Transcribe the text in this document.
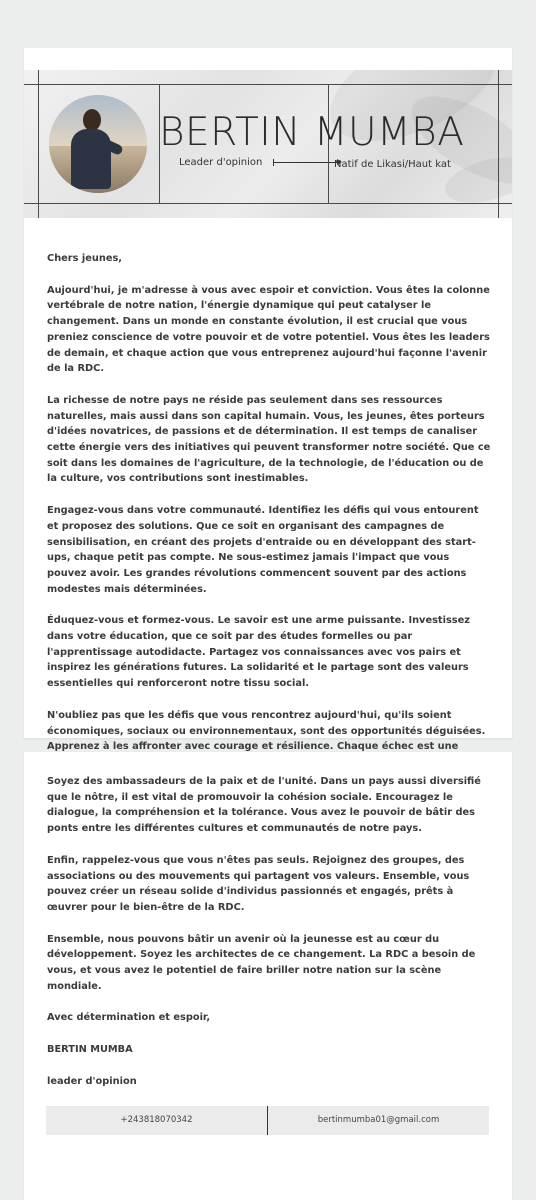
BERTIN MUMBA
Leader d'opinion	Natif de Likasi/Haut kat

Chers jeunes,

Aujourd'hui, je m'adresse à vous avec espoir et conviction. Vous êtes la colonne vertébrale de notre nation, l'énergie dynamique qui peut catalyser le changement. Dans un monde en constante évolution, il est crucial que vous preniez conscience de votre pouvoir et de votre potentiel. Vous êtes les leaders de demain, et chaque action que vous entreprenez aujourd'hui façonne l'avenir de la RDC.

La richesse de notre pays ne réside pas seulement dans ses ressources naturelles, mais aussi dans son capital humain. Vous, les jeunes, êtes porteurs d'idées novatrices, de passions et de détermination. Il est temps de canaliser cette énergie vers des initiatives qui peuvent transformer notre société. Que ce soit dans les domaines de l'agriculture, de la technologie, de l'éducation ou de la culture, vos contributions sont inestimables.

Engagez-vous dans votre communauté. Identifiez les défis qui vous entourent et proposez des solutions. Que ce soit en organisant des campagnes de sensibilisation, en créant des projets d'entraide ou en développant des start-ups, chaque petit pas compte. Ne sous-estimez jamais l'impact que vous pouvez avoir. Les grandes révolutions commencent souvent par des actions modestes mais déterminées.

Éduquez-vous et formez-vous. Le savoir est une arme puissante. Investissez dans votre éducation, que ce soit par des études formelles ou par l'apprentissage autodidacte. Partagez vos connaissances avec vos pairs et inspirez les générations futures. La solidarité et le partage sont des valeurs essentielles qui renforceront notre tissu social.

N'oubliez pas que les défis que vous rencontrez aujourd'hui, qu'ils soient économiques, sociaux ou environnementaux, sont des opportunités déguisées. Apprenez à les affronter avec courage et résilience. Chaque échec est une

Soyez des ambassadeurs de la paix et de l'unité. Dans un pays aussi diversifié que le nôtre, il est vital de promouvoir la cohésion sociale. Encouragez le dialogue, la compréhension et la tolérance. Vous avez le pouvoir de bâtir des ponts entre les différentes cultures et communautés de notre pays.

Enfin, rappelez-vous que vous n'êtes pas seuls. Rejoignez des groupes, des associations ou des mouvements qui partagent vos valeurs. Ensemble, vous pouvez créer un réseau solide d'individus passionnés et engagés, prêts à œuvrer pour le bien-être de la RDC.

Ensemble, nous pouvons bâtir un avenir où la jeunesse est au cœur du développement. Soyez les architectes de ce changement. La RDC a besoin de vous, et vous avez le potentiel de faire briller notre nation sur la scène mondiale.

Avec détermination et espoir,

BERTIN MUMBA

leader d'opinion

+243818070342	bertinmumba01@gmail.com
